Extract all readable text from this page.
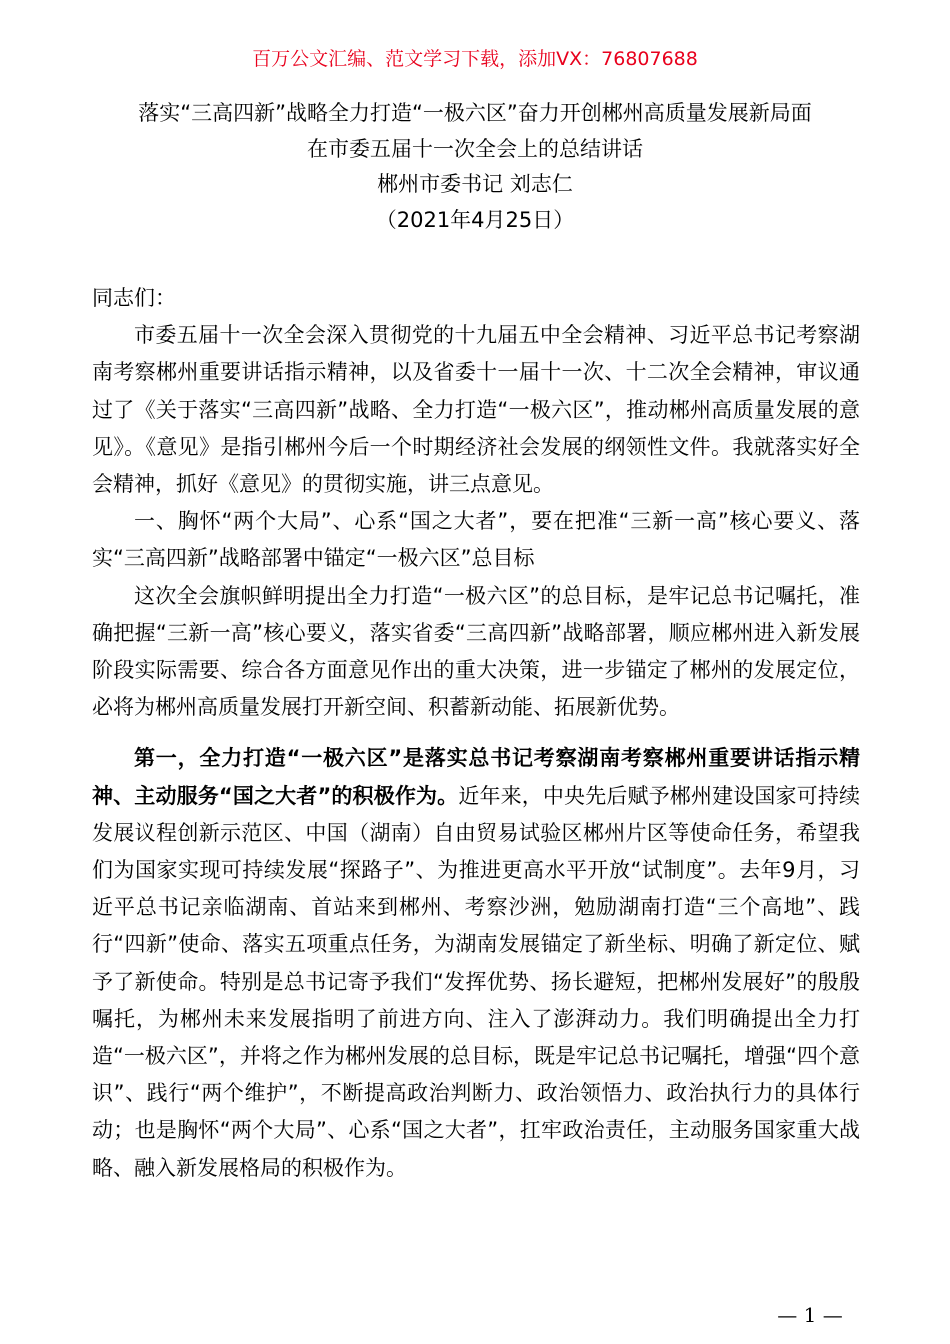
百万公文汇编、范文学习下载，添加VX：76807688
落实“三高四新”战略全力打造“一极六区”奋力开创郴州高质量发展新局面
在市委五届十一次全会上的总结讲话
郴州市委书记 刘志仁
（2021年4月25日）

同志们：

市委五届十一次全会深入贯彻党的十九届五中全会精神、习近平总书记考察湖南考察郴州重要讲话指示精神，以及省委十一届十一次、十二次全会精神，审议通过了《关于落实“三高四新”战略、全力打造“一极六区”，推动郴州高质量发展的意见》。《意见》是指引郴州今后一个时期经济社会发展的纲领性文件。我就落实好全会精神，抓好《意见》的贯彻实施，讲三点意见。

一、胸怀“两个大局”、心系“国之大者”，要在把准“三新一高”核心要义、落实“三高四新”战略部署中锚定“一极六区”总目标

这次全会旗帜鲜明提出全力打造“一极六区”的总目标，是牢记总书记嘱托，准确把握“三新一高”核心要义，落实省委“三高四新”战略部署，顺应郴州进入新发展阶段实际需要、综合各方面意见作出的重大决策，进一步锚定了郴州的发展定位，必将为郴州高质量发展打开新空间、积蓄新动能、拓展新优势。

第一，全力打造“一极六区”是落实总书记考察湖南考察郴州重要讲话指示精神、主动服务“国之大者”的积极作为。近年来，中央先后赋予郴州建设国家可持续发展议程创新示范区、中国（湖南）自由贸易试验区郴州片区等使命任务，希望我们为国家实现可持续发展“探路子”、为推进更高水平开放“试制度”。去年9月，习近平总书记亲临湖南、首站来到郴州、考察沙洲，勉励湖南打造“三个高地”、践行“四新”使命、落实五项重点任务，为湖南发展锚定了新坐标、明确了新定位、赋予了新使命。特别是总书记寄予我们“发挥优势、扬长避短，把郴州发展好”的殷殷嘱托，为郴州未来发展指明了前进方向、注入了澎湃动力。我们明确提出全力打造“一极六区”，并将之作为郴州发展的总目标，既是牢记总书记嘱托，增强“四个意识”、践行“两个维护”，不断提高政治判断力、政治领悟力、政治执行力的具体行动；也是胸怀“两个大局”、心系“国之大者”，扛牢政治责任，主动服务国家重大战略、融入新发展格局的积极作为。

— 1 —
